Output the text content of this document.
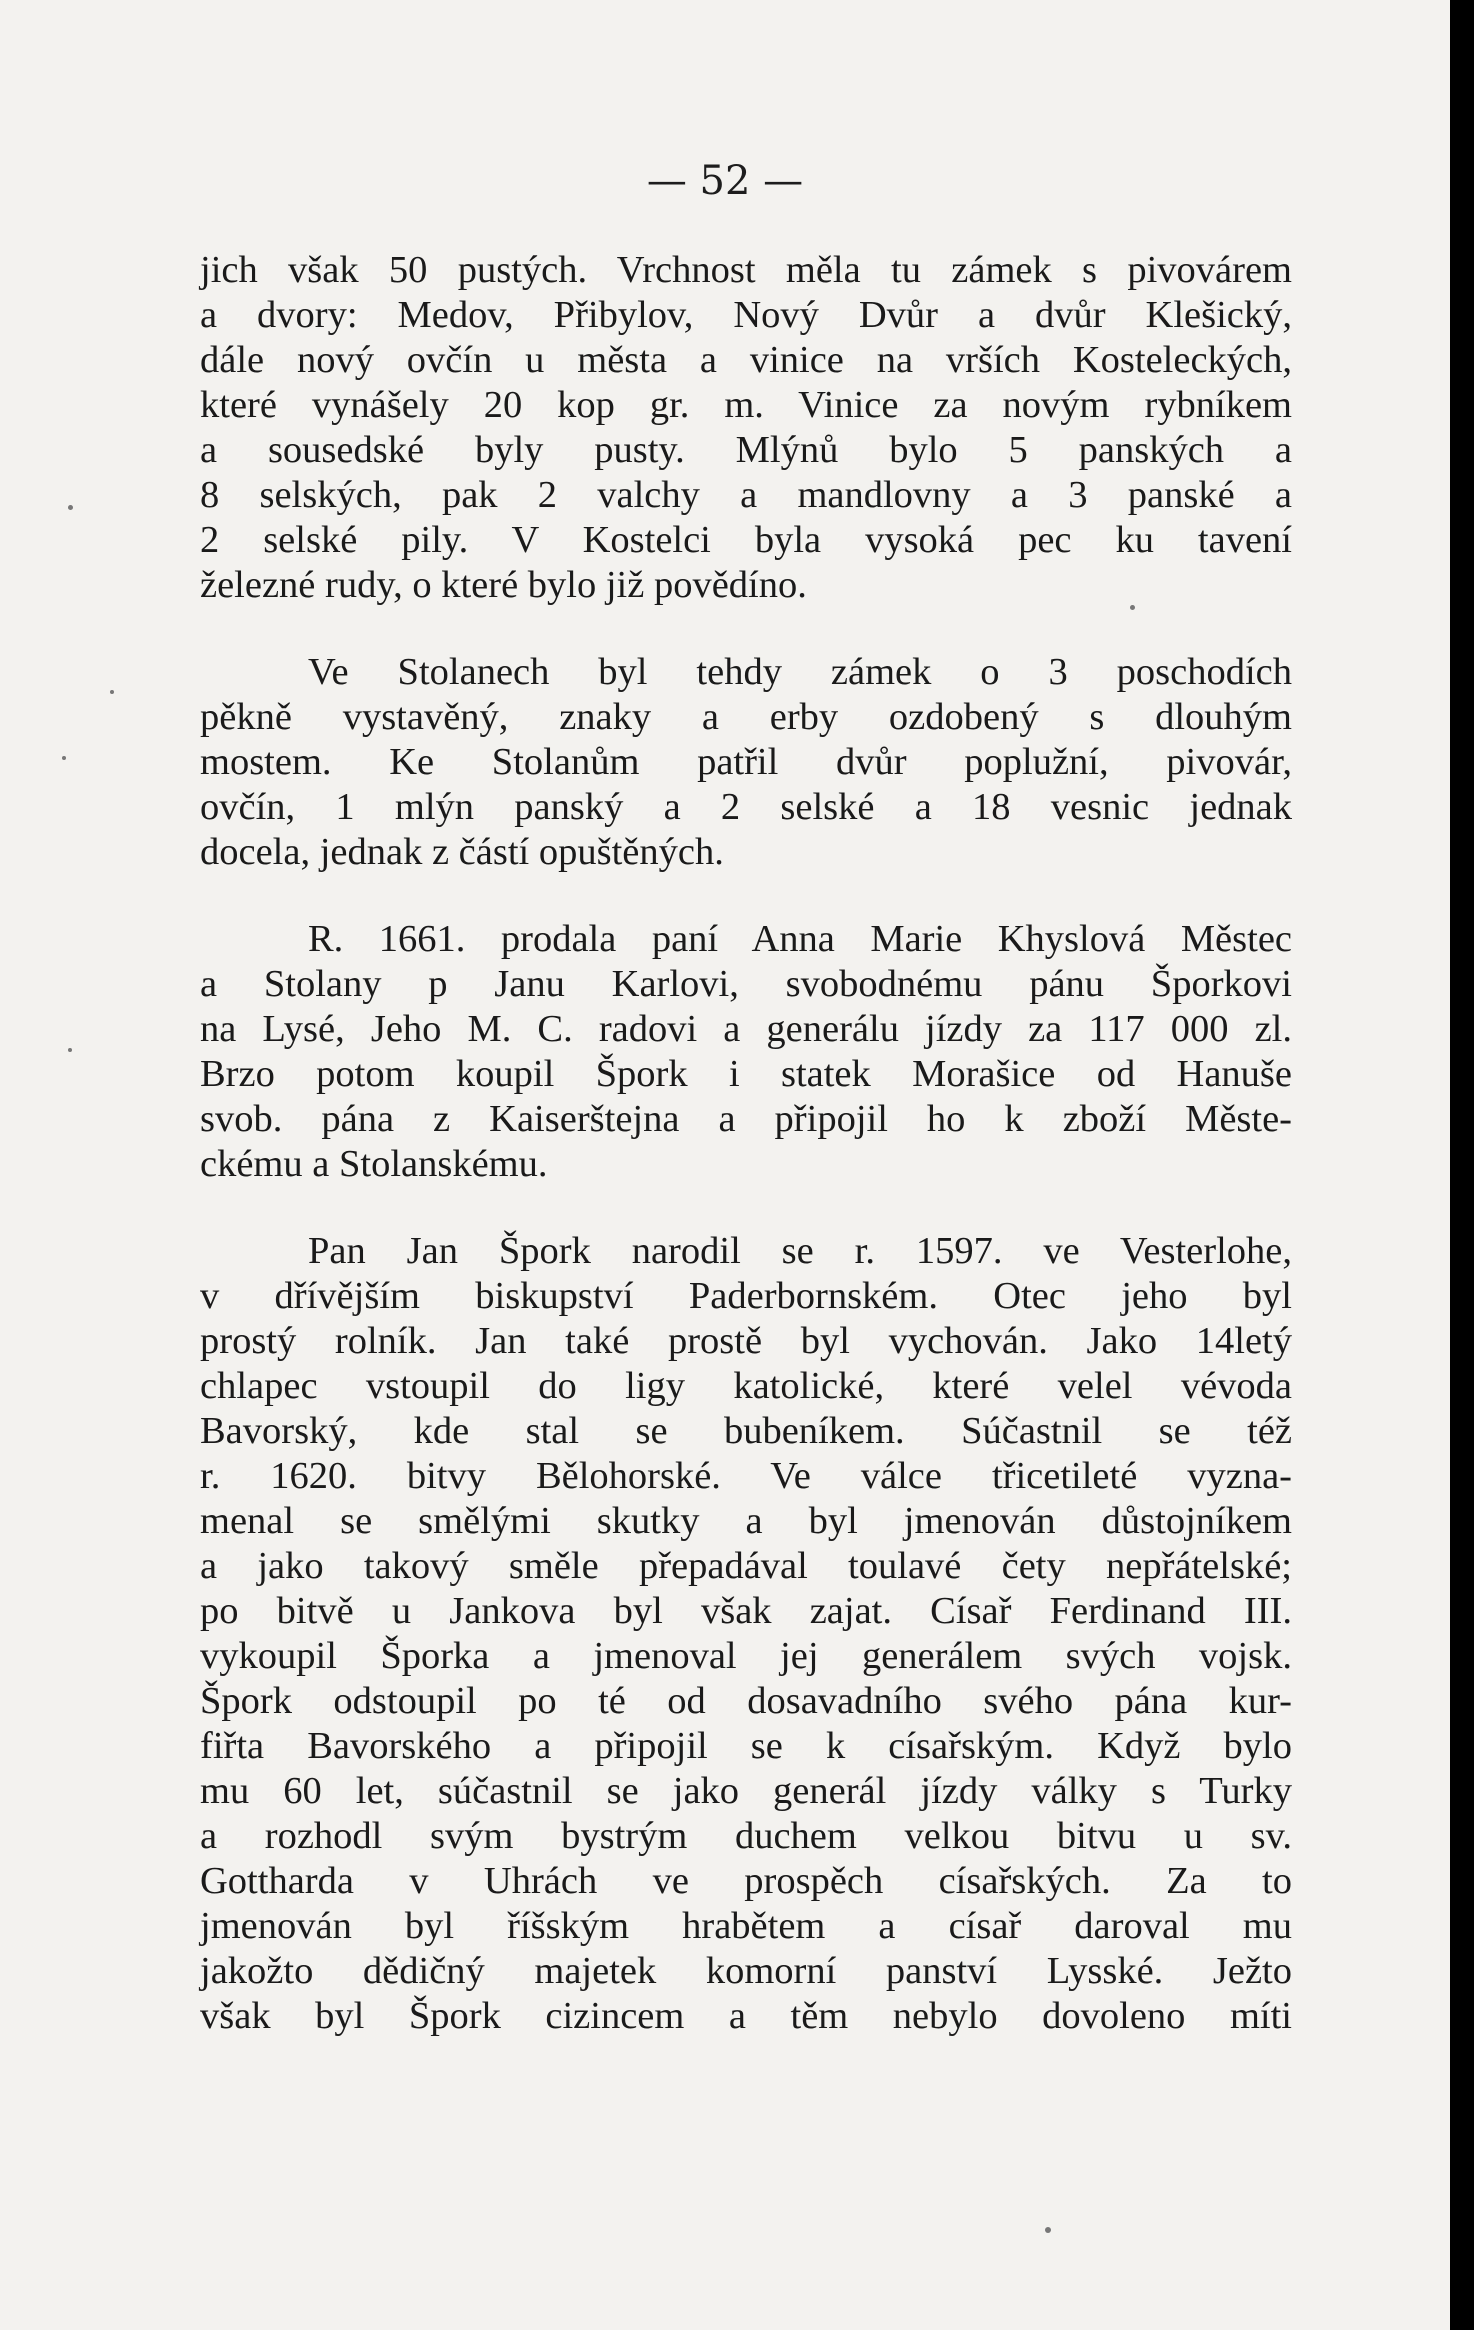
— 52 —
jich však 50 pustých. Vrchnost měla tu zámek s pivovárem
a dvory: Medov, Přibylov, Nový Dvůr a dvůr Klešický,
dále nový ovčín u města a vinice na vrších Kosteleckých,
které vynášely 20 kop gr. m. Vinice za novým rybníkem
a sousedské byly pusty. Mlýnů bylo 5 panských a
8 selských, pak 2 valchy a mandlovny a 3 panské a
2 selské pily. V Kostelci byla vysoká pec ku tavení
železné rudy, o které bylo již povědíno.
Ve Stolanech byl tehdy zámek o 3 poschodích
pěkně vystavěný, znaky a erby ozdobený s dlouhým
mostem. Ke Stolanům patřil dvůr poplužní, pivovár,
ovčín, 1 mlýn panský a 2 selské a 18 vesnic jednak
docela, jednak z částí opuštěných.
R. 1661. prodala paní Anna Marie Khyslová Městec
a Stolany p Janu Karlovi, svobodnému pánu Šporkovi
na Lysé, Jeho M. C. radovi a generálu jízdy za 117 000 zl.
Brzo potom koupil Špork i statek Morašice od Hanuše
svob. pána z Kaiserštejna a připojil ho k zboží Měste-
ckému a Stolanskému.
Pan Jan Špork narodil se r. 1597. ve Vesterlohe,
v dřívějším biskupství Paderbornském. Otec jeho byl
prostý rolník. Jan také prostě byl vychován. Jako 14letý
chlapec vstoupil do ligy katolické, které velel vévoda
Bavorský, kde stal se bubeníkem. Súčastnil se též
r. 1620. bitvy Bělohorské. Ve válce třicetileté vyzna-
menal se smělými skutky a byl jmenován důstojníkem
a jako takový směle přepadával toulavé čety nepřátelské;
po bitvě u Jankova byl však zajat. Císař Ferdinand III.
vykoupil Šporka a jmenoval jej generálem svých vojsk.
Špork odstoupil po té od dosavadního svého pána kur-
fiřta Bavorského a připojil se k císařským. Když bylo
mu 60 let, súčastnil se jako generál jízdy války s Turky
a rozhodl svým bystrým duchem velkou bitvu u sv.
Gottharda v Uhrách ve prospěch císařských. Za to
jmenován byl říšským hrabětem a císař daroval mu
jakožto dědičný majetek komorní panství Lysské. Ježto
však byl Špork cizincem a těm nebylo dovoleno míti
